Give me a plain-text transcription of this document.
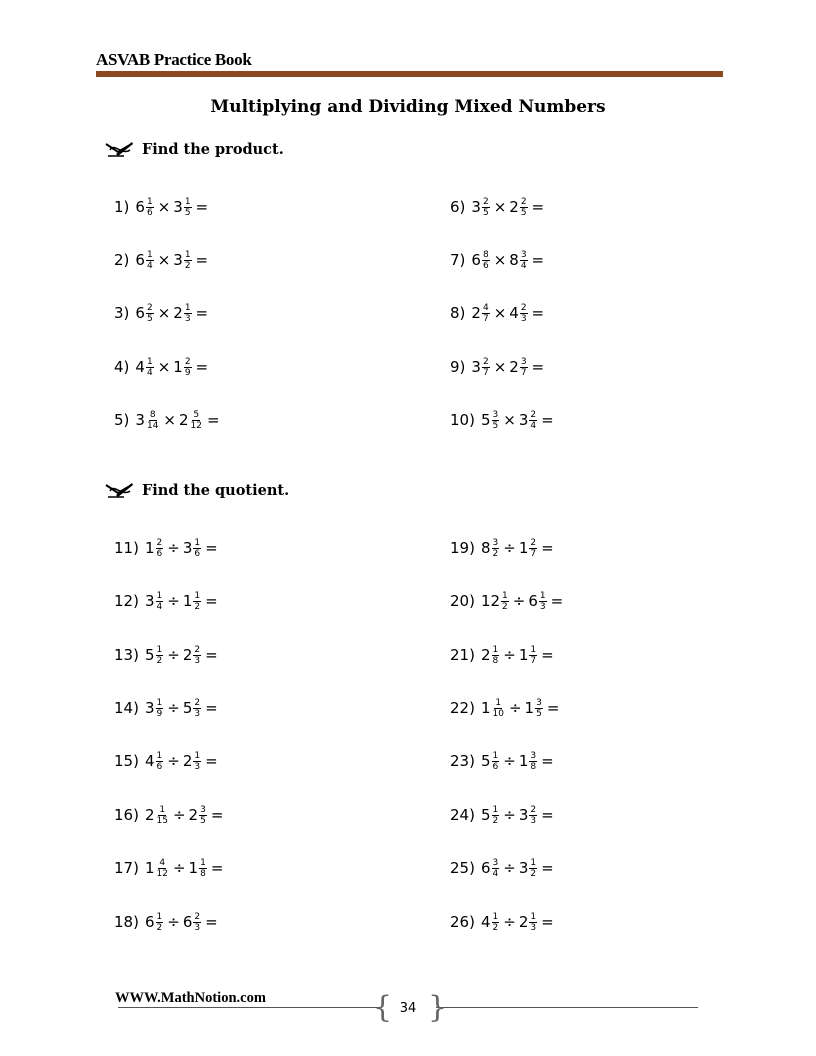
ASVAB Practice Book
Multiplying and Dividing Mixed Numbers
Find the product.
Find the quotient.
1) $6 \frac{1}{6} \times 3 \frac{1}{5}$ =
2) $6 \frac{1}{4} \times 3 \frac{1}{2}$ =
3) $6 \frac{2}{5} \times 2 \frac{1}{3}$ =
4) $4 \frac{1}{4} \times 1 \frac{2}{9}$ =
5) $3 \frac{8}{14} \times 2 \frac{5}{12}$ =
6) $3 \frac{2}{5} \times 2 \frac{2}{5}$ =
7) $6 \frac{8}{6} \times 8 \frac{3}{4}$ =
8) $2 \frac{4}{7} \times 4 \frac{2}{3}$ =
9) $3 \frac{2}{7} \times 2 \frac{3}{7}$ =
10) $5 \frac{3}{5} \times 3 \frac{2}{4}$ =
11) $1 \frac{2}{6} \div 3 \frac{1}{6}$ =
12) $3 \frac{1}{4} \div 1 \frac{1}{2}$ =
13) $5 \frac{1}{2} \div 2 \frac{2}{3}$ =
14) $3 \frac{1}{9} \div 5 \frac{2}{3}$ =
15) $4 \frac{1}{6} \div 2 \frac{1}{3}$ =
16) $2 \frac{1}{15} \div 2 \frac{3}{5}$ =
17) $1 \frac{4}{12} \div 1 \frac{1}{8}$ =
18) $6 \frac{1}{2} \div 6 \frac{2}{3}$ =
19) $8 \frac{3}{2} \div 1 \frac{2}{7}$ =
20) $12 \frac{1}{2} \div 6 \frac{1}{3}$ =
21) $2 \frac{1}{8} \div 1 \frac{1}{7}$ =
22) $1 \frac{1}{10} \div 1 \frac{3}{5}$ =
23) $5 \frac{1}{6} \div 1 \frac{3}{8}$ =
24) $5 \frac{1}{2} \div 3 \frac{2}{3}$ =
25) $6 \frac{3}{4} \div 3 \frac{1}{2}$ =
26) $4 \frac{1}{2} \div 2 \frac{1}{3}$ =
WWW.MathNotion.com	{ }
34
